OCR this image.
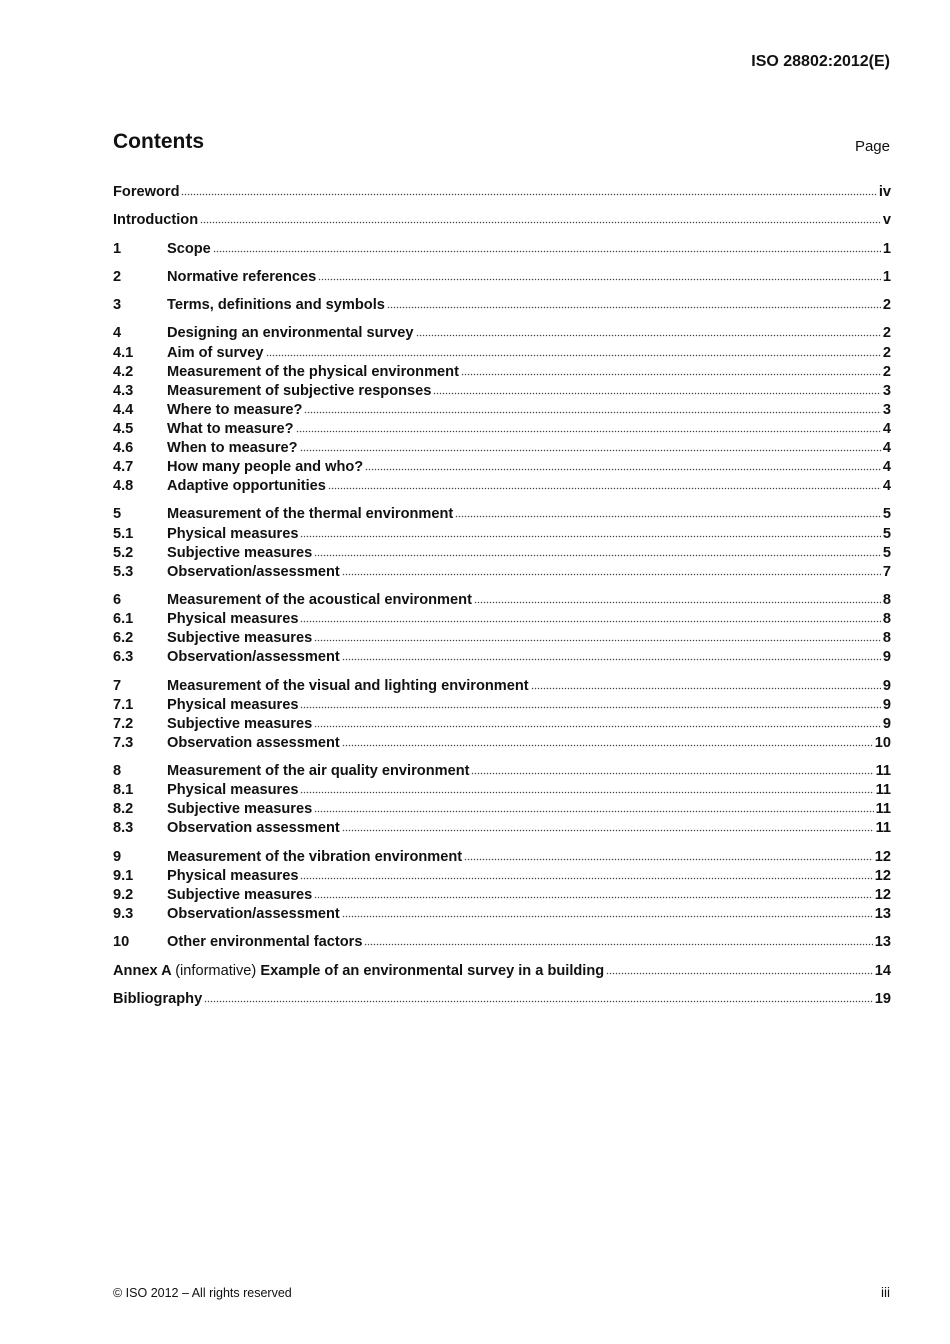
ISO 28802:2012(E)
Contents	Page
Foreword	iv
Introduction	v
1	Scope	1
2	Normative references	1
3	Terms, definitions and symbols	2
4	Designing an environmental survey	2
4.1	Aim of survey	2
4.2	Measurement of the physical environment	2
4.3	Measurement of subjective responses	3
4.4	Where to measure?	3
4.5	What to measure?	4
4.6	When to measure?	4
4.7	How many people and who?	4
4.8	Adaptive opportunities	4
5	Measurement of the thermal environment	5
5.1	Physical measures	5
5.2	Subjective measures	5
5.3	Observation/assessment	7
6	Measurement of the acoustical environment	8
6.1	Physical measures	8
6.2	Subjective measures	8
6.3	Observation/assessment	9
7	Measurement of the visual and lighting environment	9
7.1	Physical measures	9
7.2	Subjective measures	9
7.3	Observation assessment	10
8	Measurement of the air quality environment	11
8.1	Physical measures	11
8.2	Subjective measures	11
8.3	Observation assessment	11
9	Measurement of the vibration environment	12
9.1	Physical measures	12
9.2	Subjective measures	12
9.3	Observation/assessment	13
10	Other environmental factors	13
Annex A (informative) Example of an environmental survey in a building	14
Bibliography	19
© ISO 2012 – All rights reserved	iii
